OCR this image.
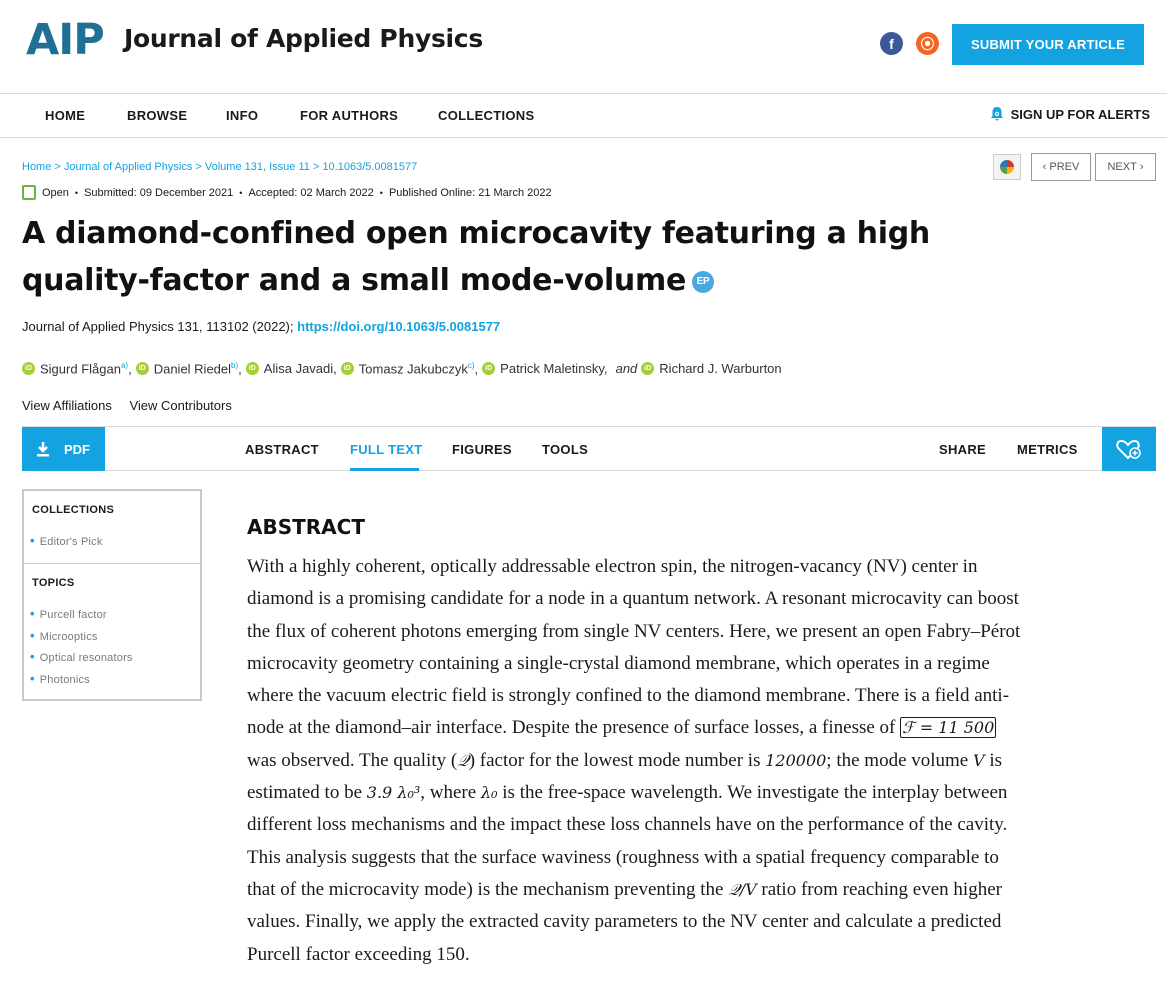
AIP Journal of Applied Physics	f	⦿	SUBMIT YOUR ARTICLE
HOME	BROWSE	INFO	FOR AUTHORS	COLLECTIONS	SIGN UP FOR ALERTS
Home > Journal of Applied Physics > Volume 131, Issue 11 > 10.1063/5.0081577	‹ PREV	NEXT ›
Open • Submitted: 09 December 2021 • Accepted: 02 March 2022 • Published Online: 21 March 2022
A diamond-confined open microcavity featuring a high quality-factor and a small mode-volume EP
Journal of Applied Physics 131, 113102 (2022); https://doi.org/10.1063/5.0081577
iD Sigurd Flågan$^{a)}$,	iD Daniel Riedel$^{b)}$,	iD Alisa Javadi,	iD Tomasz Jakubczyk$^{c)}$,	iD Patrick Maletinsky, and	iD Richard J. Warburton
View Affiliations View Contributors
PDF	ABSTRACT FULL TEXT FIGURES TOOLS	SHARE METRICS
COLLECTIONS
• Editor's Pick
TOPICS
• Purcell factor
• Microoptics
• Optical resonators
• Photonics
ABSTRACT
With a highly coherent, optically addressable electron spin, the nitrogen-vacancy (NV) center in diamond is a promising candidate for a node in a quantum network. A resonant microcavity can boost the flux of coherent photons emerging from single NV centers. Here, we present an open Fabry–Pérot microcavity geometry containing a single-crystal diamond membrane, which operates in a regime where the vacuum electric field is strongly confined to the diamond membrane. There is a field anti-node at the diamond–air interface. Despite the presence of surface losses, a finesse of ℱ = 11 500 was observed. The quality (𝒬) factor for the lowest mode number is 120000; the mode volume V is estimated to be 3.9 λ₀³, where λ₀ is the free-space wavelength. We investigate the interplay between different loss mechanisms and the impact these loss channels have on the performance of the cavity. This analysis suggests that the surface waviness (roughness with a spatial frequency comparable to that of the microcavity mode) is the mechanism preventing the 𝒬/V ratio from reaching even higher values. Finally, we apply the extracted cavity parameters to the NV center and calculate a predicted Purcell factor exceeding 150.
